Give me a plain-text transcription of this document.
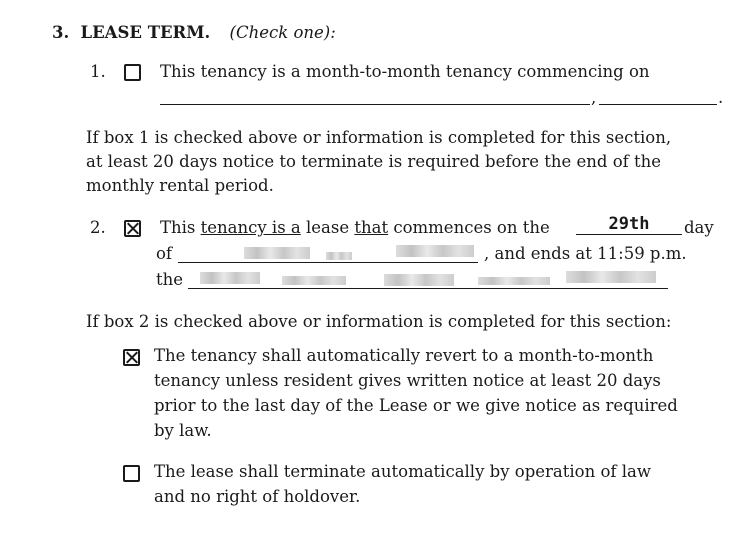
3. LEASE TERM. (Check one):
1.	This tenancy is a month-to-month tenancy commencing on
,	.
If box 1 is checked above or information is completed for this section,
at least 20 days notice to terminate is required before the end of the
monthly rental period.
2.	This tenancy is a lease that commences on the	29th	day
of	, and ends at 11:59 p.m.
the
If box 2 is checked above or information is completed for this section:
The tenancy shall automatically revert to a month-to-month
tenancy unless resident gives written notice at least 20 days
prior to the last day of the Lease or we give notice as required
by law.
The lease shall terminate automatically by operation of law
and no right of holdover.
